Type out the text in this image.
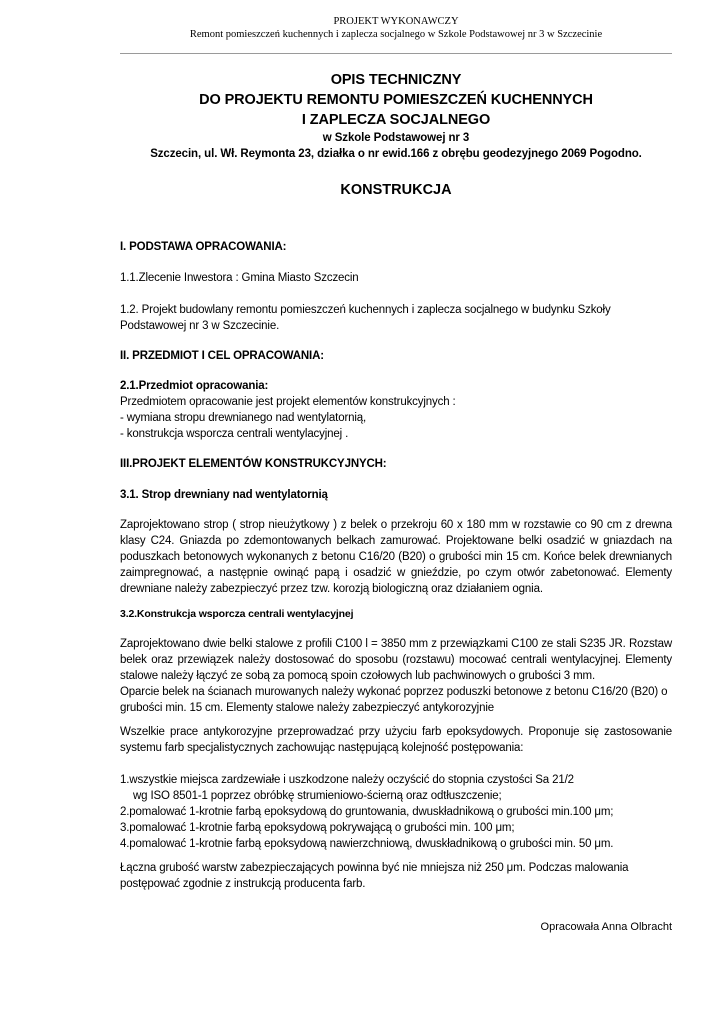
PROJEKT WYKONAWCZY
Remont pomieszczeń kuchennych i zaplecza socjalnego w Szkole Podstawowej nr 3 w Szczecinie
OPIS TECHNICZNY
DO PROJEKTU REMONTU POMIESZCZEŃ KUCHENNYCH
I ZAPLECZA SOCJALNEGO
w Szkole Podstawowej nr 3
Szczecin, ul. Wł. Reymonta 23, działka o nr ewid.166 z obrębu geodezyjnego 2069 Pogodno.
KONSTRUKCJA

I. PODSTAWA OPRACOWANIA:

1.1.Zlecenie Inwestora : Gmina Miasto Szczecin

1.2. Projekt budowlany remontu pomieszczeń kuchennych i zaplecza socjalnego w budynku Szkoły Podstawowej nr 3 w Szczecinie.

II. PRZEDMIOT I CEL OPRACOWANIA:

2.1.Przedmiot opracowania:

Przedmiotem opracowanie jest projekt elementów konstrukcyjnych :

- wymiana stropu drewnianego nad wentylatornią,

- konstrukcja wsporcza centrali wentylacyjnej .

III.PROJEKT ELEMENTÓW KONSTRUKCYJNYCH:

3.1. Strop drewniany nad wentylatornią

Zaprojektowano strop ( strop nieużytkowy ) z belek o przekroju 60 x 180 mm w rozstawie co 90 cm z drewna klasy C24. Gniazda po zdemontowanych belkach zamurować. Projektowane belki osadzić w gniazdach na poduszkach betonowych wykonanych z betonu C16/20 (B20) o grubości min 15 cm. Końce belek drewnianych zaimpregnować, a następnie owinąć papą i osadzić w gnieździe, po czym otwór zabetonować. Elementy drewniane należy zabezpieczyć przez tzw. korozją biologiczną oraz działaniem ognia.

3.2.Konstrukcja wsporcza centrali wentylacyjnej

Zaprojektowano dwie belki stalowe z profili C100 l = 3850 mm z przewiązkami C100 ze stali S235 JR. Rozstaw belek oraz przewiązek należy dostosować do sposobu (rozstawu) mocować centrali wentylacyjnej. Elementy stalowe należy łączyć ze sobą za pomocą spoin czołowych lub pachwinowych o grubości 3 mm.

Oparcie belek na ścianach murowanych należy wykonać poprzez poduszki betonowe z betonu C16/20 (B20) o grubości min. 15 cm. Elementy stalowe należy zabezpieczyć antykorozyjnie

Wszelkie prace antykorozyjne przeprowadzać przy użyciu farb epoksydowych. Proponuje się zastosowanie systemu farb specjalistycznych zachowując następującą kolejność postępowania:

1.wszystkie miejsca zardzewiałe i uszkodzone należy oczyścić do stopnia czystości Sa 21/2

wg ISO 8501-1 poprzez obróbkę strumieniowo-ścierną oraz odtłuszczenie;

2.pomalować 1-krotnie farbą epoksydową do gruntowania, dwuskładnikową o grubości min.100 μm;

3.pomalować 1-krotnie farbą epoksydową pokrywającą o grubości min. 100 μm;

4.pomalować 1-krotnie farbą epoksydową nawierzchniową, dwuskładnikową o grubości min. 50 μm.

Łączna grubość warstw zabezpieczających powinna być nie mniejsza niż 250 μm. Podczas malowania postępować zgodnie z instrukcją producenta farb.

Opracowała Anna Olbracht
